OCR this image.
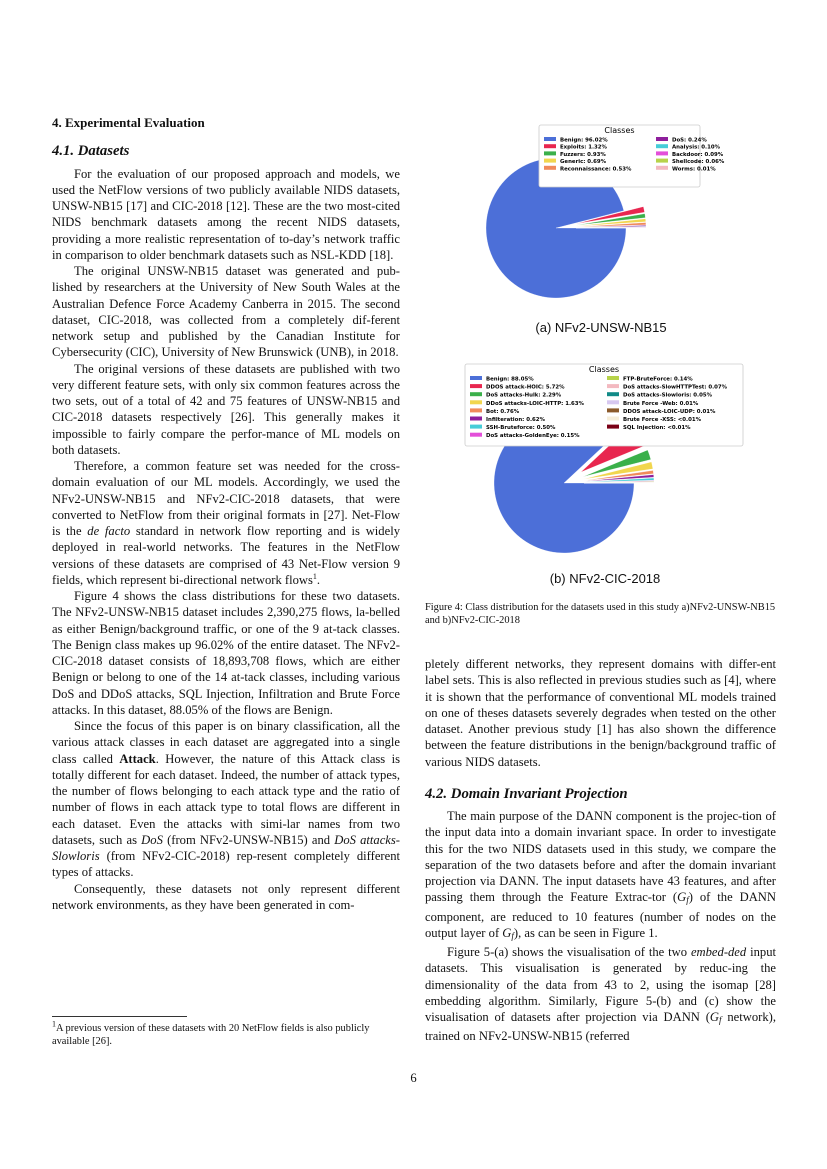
4. Experimental Evaluation
4.1. Datasets

For the evaluation of our proposed approach and models, we used the NetFlow versions of two publicly available NIDS datasets, UNSW-NB15 [17] and CIC-2018 [12]. These are the two most-cited NIDS benchmark datasets among the recent NIDS datasets, providing a more realistic representation of to-day’s network traffic in comparison to older benchmark datasets such as NSL-KDD [18].

The original UNSW-NB15 dataset was generated and pub-lished by researchers at the University of New South Wales at the Australian Defence Force Academy Canberra in 2015. The second dataset, CIC-2018, was collected from a completely dif-ferent network setup and published by the Canadian Institute for Cybersecurity (CIC), University of New Brunswick (UNB), in 2018.

The original versions of these datasets are published with two very different feature sets, with only six common features across the two sets, out of a total of 42 and 75 features of UNSW-NB15 and CIC-2018 datasets respectively [26]. This generally makes it impossible to fairly compare the perfor-mance of ML models on both datasets.

Therefore, a common feature set was needed for the cross-domain evaluation of our ML models. Accordingly, we used the NFv2-UNSW-NB15 and NFv2-CIC-2018 datasets, that were converted to NetFlow from their original formats in [27]. Net-Flow is the de facto standard in network flow reporting and is widely deployed in real-world networks. The features in the NetFlow versions of these datasets are comprised of 43 Net-Flow version 9 fields, which represent bi-directional network flows$^1$.

Figure 4 shows the class distributions for these two datasets. The NFv2-UNSW-NB15 dataset includes 2,390,275 flows, la-belled as either Benign/background traffic, or one of the 9 at-tack classes. The Benign class makes up 96.02% of the entire dataset. The NFv2-CIC-2018 dataset consists of 18,893,708 flows, which are either Benign or belong to one of the 14 at-tack classes, including various DoS and DDoS attacks, SQL Injection, Infiltration and Brute Force attacks. In this dataset, 88.05% of the flows are Benign.

Since the focus of this paper is on binary classification, all the various attack classes in each dataset are aggregated into a single class called Attack. However, the nature of this Attack class is totally different for each dataset. Indeed, the number of attack types, the number of flows belonging to each attack type and the ratio of number of flows in each attack type to total flows are different in each dataset. Even the attacks with simi-lar names from two datasets, such as DoS (from NFv2-UNSW-NB15) and DoS attacks-Slowloris (from NFv2-CIC-2018) rep-resent completely different types of attacks.

Consequently, these datasets not only represent different network environments, as they have been generated in com-

$^1$A previous version of these datasets with 20 NetFlow fields is also publicly available [26].
Classes
Benign: 96.02%
Exploits: 1.32%
Fuzzers: 0.93%
Generic: 0.69%
Reconnaissance: 0.53%
DoS: 0.24%
Analysis: 0.10%
Backdoor: 0.09%
Shellcode: 0.06%
Worms: 0.01%
(a) NFv2-UNSW-NB15
Classes
Benign: 88.05%
DDOS attack-HOIC: 5.72%
DoS attacks-Hulk: 2.29%
DDoS attacks-LOIC-HTTP: 1.63%
Bot: 0.76%
Infilteration: 0.62%
SSH-Bruteforce: 0.50%
DoS attacks-GoldenEye: 0.15%
FTP-BruteForce: 0.14%
DoS attacks-SlowHTTPTest: 0.07%
DoS attacks-Slowloris: 0.05%
Brute Force -Web: 0.01%
DDOS attack-LOIC-UDP: 0.01%
Brute Force -XSS: <0.01%
SQL Injection: <0.01%
(b) NFv2-CIC-2018
Figure 4: Class distribution for the datasets used in this study a)NFv2-UNSW-NB15 and b)NFv2-CIC-2018

pletely different networks, they represent domains with differ-ent label sets. This is also reflected in previous studies such as [4], where it is shown that the performance of conventional ML models trained on one of theses datasets severely degrades when tested on the other dataset. Another previous study [1] has also shown the difference between the feature distributions in the benign/background traffic of various NIDS datasets.

4.2. Domain Invariant Projection

The main purpose of the DANN component is the projec-tion of the input data into a domain invariant space. In order to investigate this for the two NIDS datasets used in this study, we compare the separation of the two datasets before and after the domain invariant projection via DANN. The input datasets have 43 features, and after passing them through the Feature Extrac-tor (Gf) of the DANN component, are reduced to 10 features (number of nodes on the output layer of Gf), as can be seen in Figure 1.

Figure 5-(a) shows the visualisation of the two embed-ded input datasets. This visualisation is generated by reduc-ing the dimensionality of the data from 43 to 2, using the isomap [28] embedding algorithm. Similarly, Figure 5-(b) and (c) show the visualisation of datasets after projection via DANN (Gf network), trained on NFv2-UNSW-NB15 (referred

6
